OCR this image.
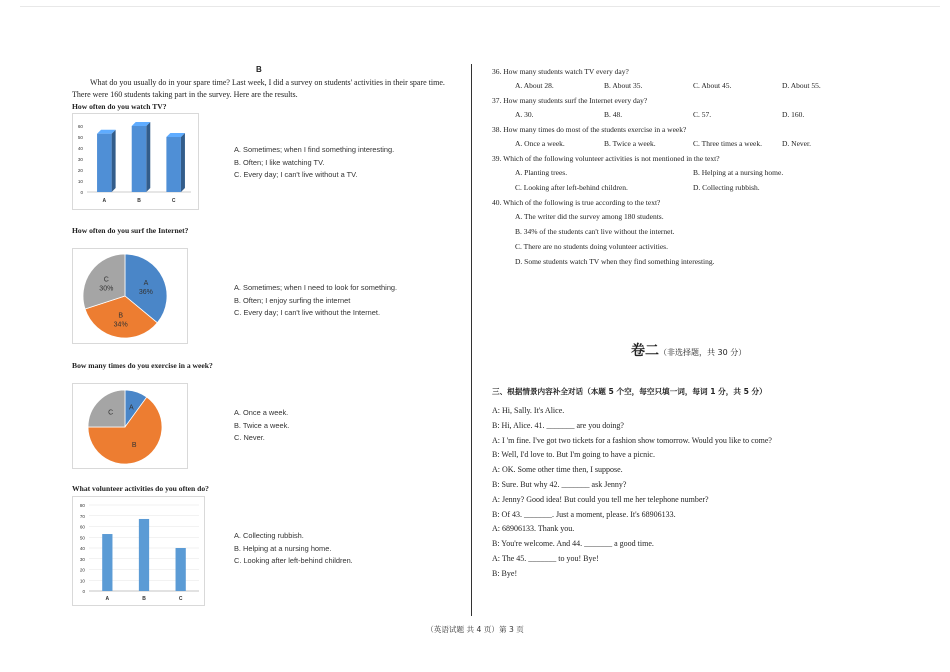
B
What do you usually do in your spare time? Last week, I did a survey on students' activities in their spare time. There were 160 students taking part in the survey. Here are the results.
How often do you watch TV?
0
10
20
30
40
50
60
A	B	C
A. Sometimes; when I find something interesting.
B. Often; I like watching TV.
C. Every day; I can't live without a TV.
How often do you surf the Internet?
A
36%
B
34%
C
30%	A. Sometimes; when I need to look for something.
B. Often; I enjoy surfing the internet
C. Every day; I can't live without the Internet.
Bow many times do you exercise in a week?
A
B
C	A. Once a week.
B. Twice a week.
C. Never.
What volunteer activities do you often do?
0
10
20
30
40
50
60
70
80
A	B	C
A. Collecting rubbish.
B. Helping at a nursing home.
C. Looking after left-behind children.
36. How many students watch TV every day?
A. About 28.	B. About 35.	C. About 45.	D. About 55.
37. How many students surf the Internet every day?
A. 30.	B. 48.	C. 57.	D. 160.
38. How many times do most of the students exercise in a week?
A. Once a week.	B. Twice a week.	C. Three times a week.	D. Never.
39. Which of the following volunteer activities is not mentioned in the text?
A. Planting trees.	B. Helping at a nursing home.
C. Looking after left-behind children.	D. Collecting rubbish.
40. Which of the following is true according to the text?
A. The writer did the survey among 180 students.
B. 34% of the students can't live without the internet.
C. There are no students doing volunteer activities.
D. Some students watch TV when they find something interesting.
卷二（非选择题，共 30 分）
三、根据情景内容补全对话（本题 5 个空，每空只填一词，每词 1 分，共 5 分）
A: Hi, Sally. It's Alice.
B: Hi, Alice. 41. _______ are you doing?
A: I 'm fine. I've got two tickets for a fashion show tomorrow. Would you like to come?
B: Well, I'd love to. But I'm going to have a picnic.
A: OK. Some other time then, I suppose.
B: Sure. But why 42. _______ ask Jenny?
A: Jenny? Good idea! But could you tell me her telephone number?
B: Of 43. _______. Just a moment, please. It's 68906133.
A: 68906133. Thank you.
B: You're welcome. And 44. _______ a good time.
A: The 45. _______ to you! Bye!
B: Bye!
（英语试题 共 4 页）第 3 页
